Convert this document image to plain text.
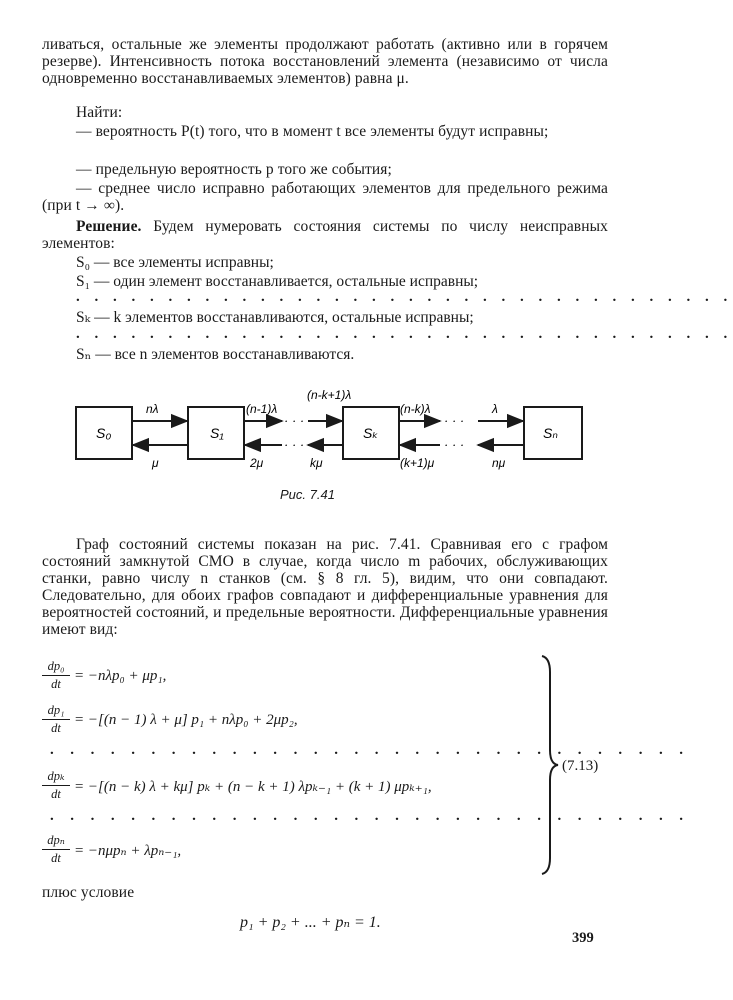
ливаться, остальные же элементы продолжают работать (активно или в горячем резерве). Интенсивность потока восстановлений элемента (независимо от числа одновременно восстанавливаемых элементов) равна μ.
Найти:
— вероятность P(t) того, что в момент t все элементы будут исправны;
— предельную вероятность p того же события;
— среднее число исправно работающих элементов для предельного режима (при t → ∞).
Решение. Будем нумеровать состояния системы по числу неисправных элементов:
S₀ — все элементы исправны;
S₁ — один элемент восстанавливается, остальные исправны;
. . . . . . . . . . . . . . . . . . . . . . . . . . . . . . . . . . . .
Sₖ — k элементов восстанавливаются, остальные исправны;
. . . . . . . . . . . . . . . . . . . . . . . . . . . . . . . . . . . .
Sₙ — все n элементов восстанавливаются.
S₀	S₁	Sₖ	Sₙ
· · ·	· · ·
· · ·	· · ·
nλ	(n-1)λ
(n-k+1)λ
(n-k)λ	λ
μ	2μ	kμ	(k+1)μ	nμ
Рис. 7.41
Граф состояний системы показан на рис. 7.41. Сравнивая его с графом состояний замкнутой СМО в случае, когда число m рабочих, обслуживающих станки, равно числу n станков (см. § 8 гл. 5), видим, что они совпадают. Следовательно, для обоих графов совпадают и дифференциальные уравнения для вероятностей состояний, и предельные вероятности. Дифференциальные уравнения имеют вид:
$\frac{\text{dp₀}}{dt} = -n\lambda p_0 + \mu p_1$,
$\frac{\text{dp₁}}{dt} = -[(n - 1) \lambda + \mu] p_1 + n\lambda p_0 + 2\mu p_2$,
. . . . . . . . . . . . . . . . . . . . . . . . . . . . . . . .
dpₖ
dt = −[(n − k) λ + kμ] pₖ + (n − k + 1) λpₖ₋₁ + (k + 1) μpₖ₊₁,
. . . . . . . . . . . . . . . . . . . . . . . . . . . . . . . .
dpₙ
dt = −nμpₙ + λpₙ₋₁,
(7.13)
плюс условие
p₁ + p₂ + ... + pₙ = 1.
399
